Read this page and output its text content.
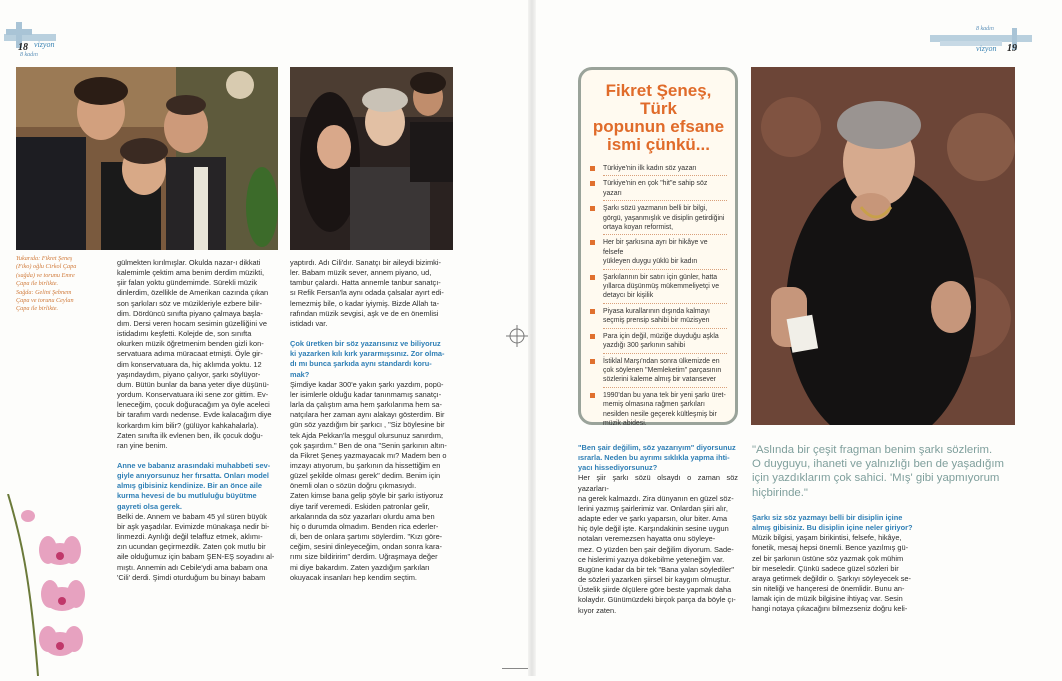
18 vizyon
8 kadın
8 kadın
vizyon 19
Yukarıda: Fikret Şeneş
(Fiko) oğlu Cirkol Çapa
(sağda) ve torunu Emre
Çapa ile birlikte.
Sağda: Gelini Şebnem
Çapa ve torunu Ceylan
Çapa ile birlikte.

gülmekten kırılmışlar. Okulda nazar-ı dikkati

kalemimle çektim ama benim derdim müzikti,

şiir falan yoktu gündemimde. Sürekli müzik

dinlerdim, özellikle de Amerikan cazında çıkan

son şarkıları söz ve müzikleriyle ezbere bilir-

dim. Dördüncü sınıfta piyano çalmaya başla-

dım. Dersi veren hocam sesimin güzelliğini ve

istidadımı keşfetti. Kolejde de, son sınıfta

okurken müzik öğretmenim benden gizli kon-

servatuara adıma müracaat etmişti. Öyle gir-

dim konservatuara da, hiç aklımda yoktu. 12

yaşındaydım, piyano çalıyor, şarkı söylüyor-

dum. Bütün bunlar da bana yeter diye düşünü-

yordum. Konservatuara iki sene zor gittim. Ev-

leneceğim, çocuk doğuracağım ya öyle aceleci

bir tarafım vardı nedense. Evde kalacağım diye

korkardım kim bilir? (gülüyor kahkahalarla).

Zaten sınıfta ilk evlenen ben, ilk çocuk doğu-

ran yine benim.

Anne ve babanız arasındaki muhabbeti sev-

giyle anıyorsunuz her fırsatta. Onları model

almış gibisiniz kendinize. Bir an önce aile

kurma hevesi de bu mutluluğu büyütme

gayreti olsa gerek.

Belki de. Annem ve babam 45 yıl süren büyük

bir aşk yaşadılar. Evimizde münakaşa nedir bi-

linmezdi. Ayrılığı değil telaffuz etmek, aklımı-

zın ucundan geçirmezdik. Zaten çok mutlu bir

aile olduğumuz için babam ŞEN-EŞ soyadını al-

mıştı. Annemin adı Cebile'ydi ama babam ona

'Cili' derdi. Şimdi oturduğum bu binayı babam

yaptırdı. Adı Cili'dır. Sanatçı bir aileydi bizimki-

ler. Babam müzik sever, annem piyano, ud,

tambur çalardı. Hatta annemle tanbur sanatçı-

sı Refik Fersan'la aynı odada çalsalar ayırt edi-

lemezmiş bile, o kadar iyiymiş. Bizde Allah ta-

rafından müzik sevgisi, aşk ve de en önemlisi

istidadı var.

Çok üretken bir söz yazarısınız ve biliyoruz

ki yazarken kılı kırk yararmışsınız. Zor olma-

dı mı bunca şarkıda aynı standardı koru-

mak?

Şimdiye kadar 300'e yakın şarkı yazdım, popü-

ler isimlerle olduğu kadar tanınmamış sanatçı-

larla da çalıştım ama hem şarkılarıma hem sa-

natçılara her zaman aynı alakayı gösterdim. Bir

gün söz yazdığım bir şarkıcı , "Siz böylesine bir

tek Ajda Pekkan'la meşgul olursunuz sanırdım,

çok şaşırdım." Ben de ona "Senin şarkının altın-

da Fikret Şeneş yazmayacak mı? Madem ben o

imzayı atıyorum, bu şarkının da hissettiğim en

güzel şekilde olması gerek" dedim. Benim için

önemli olan o sözün doğru çıkmasıydı.

Zaten kimse bana gelip şöyle bir şarkı istiyoruz

diye tarif veremedi. Eskiden patronlar gelir,

arkalarında da söz yazarları olurdu ama ben

hiç o durumda olmadım. Benden rica ederler-

di, ben de onlara şartımı söylerdim. "Kızı göre-

ceğim, sesini dinleyeceğim, ondan sonra kara-

rımı size bildiririm" derdim. Uğraşmaya değer

mi diye bakardım. Zaten yazdığım şarkıları

okuyacak insanları hep kendim seçtim.

Fikret Şeneş, Türk
popunun efsane
ismi çünkü...
Türkiye'nin ilk kadın söz yazarı
Türkiye'nin en çok "hit"e sahip söz yazarı
Şarkı sözü yazmanın belli bir bilgi,
görgü, yaşanmışlık ve disiplin getirdiğini
ortaya koyan reformist,
Her bir şarkısına ayrı bir hikâye ve felsefe
yükleyen duygu yüklü bir kadın
Şarkılarının bir satırı için günler, hatta
yıllarca düşünmüş mükemmeliyetçi ve
detaycı bir kişilik
Piyasa kurallarının dışında kalmayı
seçmiş prensip sahibi bir müzisyen
Para için değil, müziğe duyduğu aşkla
yazdığı 300 şarkının sahibi
İstiklal Marşı'ndan sonra ülkemizde en
çok söylenen "Memleketim" parçasının
sözlerini kaleme almış bir vatansever
1990'dan bu yana tek bir yeni şarkı üret-
memiş olmasına rağmen şarkıları
nesilden nesile geçerek kültleşmiş bir
müzik abidesi.

"Ben şair değilim, söz yazarıyım" diyorsunuz

ısrarla. Neden bu ayrımı sıklıkla yapma ihti-

yacı hissediyorsunuz?

Her şiir şarkı sözü olsaydı o zaman söz yazarları-

na gerek kalmazdı. Zira dünyanın en güzel söz-

lerini yazmış şairlerimiz var. Onlardan şiiri alır,

adapte eder ve şarkı yaparsın, olur biter. Ama

hiç öyle değil işte. Karşındakinin sesine uygun

notaları veremezsen hayatta onu söyleye-

mez. O yüzden ben şair değilim diyorum. Sade-

ce hislerimi yazıya dökebilme yeteneğim var.

Bugüne kadar da bir tek "Bana yalan söylediler"

de sözleri yazarken şiirsel bir kaygım olmuştur.

Üstelik şiirde ölçülere göre beste yapmak daha

kolaydır. Günümüzdeki birçok parça da böyle çı-

kıyor zaten.

"Aslında bir çeşit fragman benim şarkı sözlerim.
O duyguyu, ihaneti ve yalnızlığı ben de yaşadığım
için yazdıklarım çok sahici. 'Mış' gibi yapmıyorum
hiçbirinde."

Şarkı siz söz yazmayı belli bir disiplin içine

almış gibisiniz. Bu disiplin içine neler giriyor?

Müzik bilgisi, yaşam birikintisi, felsefe, hikâye,

fonetik, mesaj hepsi önemli. Bence yazılmış gü-

zel bir şarkının üstüne söz yazmak çok mühim

bir meseledir. Çünkü sadece güzel sözleri bir

araya getirmek değildir o. Şarkıyı söyleyecek se-

sin niteliği ve hançeresi de önemlidir. Bunu an-

lamak için de müzik bilgisine ihtiyaç var. Sesin

hangi notaya çıkacağını bilmezseniz doğru keli-
